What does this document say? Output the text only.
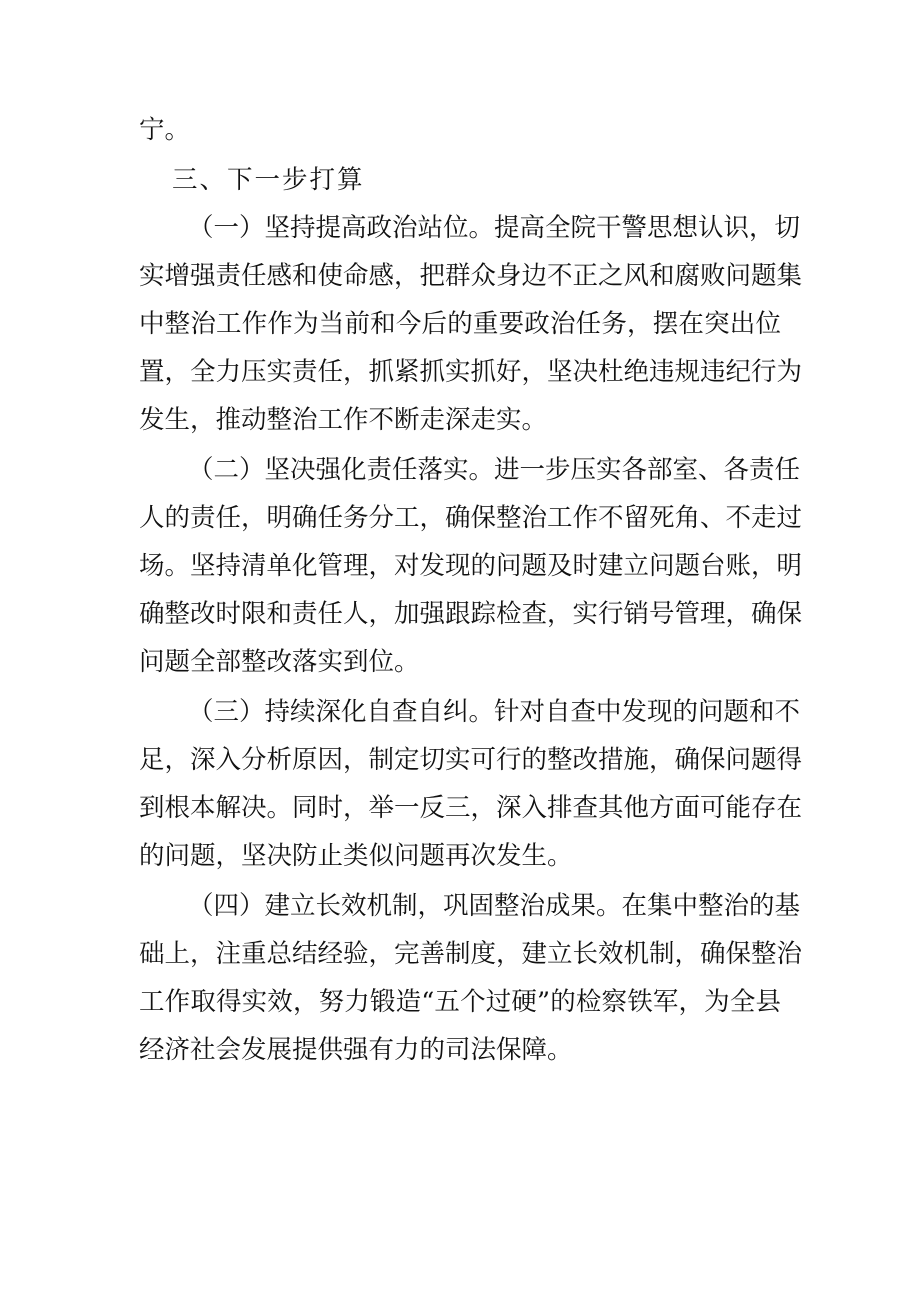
宁。
三、下一步打算
（一）坚持提高政治站位。提高全院干警思想认识，切
实增强责任感和使命感，把群众身边不正之风和腐败问题集
中整治工作作为当前和今后的重要政治任务，摆在突出位
置，全力压实责任，抓紧抓实抓好，坚决杜绝违规违纪行为
发生，推动整治工作不断走深走实。
（二）坚决强化责任落实。进一步压实各部室、各责任
人的责任，明确任务分工，确保整治工作不留死角、不走过
场。坚持清单化管理，对发现的问题及时建立问题台账，明
确整改时限和责任人，加强跟踪检查，实行销号管理，确保
问题全部整改落实到位。
（三）持续深化自查自纠。针对自查中发现的问题和不
足，深入分析原因，制定切实可行的整改措施，确保问题得
到根本解决。同时，举一反三，深入排查其他方面可能存在
的问题，坚决防止类似问题再次发生。
（四）建立长效机制，巩固整治成果。在集中整治的基
础上，注重总结经验，完善制度，建立长效机制，确保整治
工作取得实效，努力锻造“五个过硬”的检察铁军，为全县
经济社会发展提供强有力的司法保障。
